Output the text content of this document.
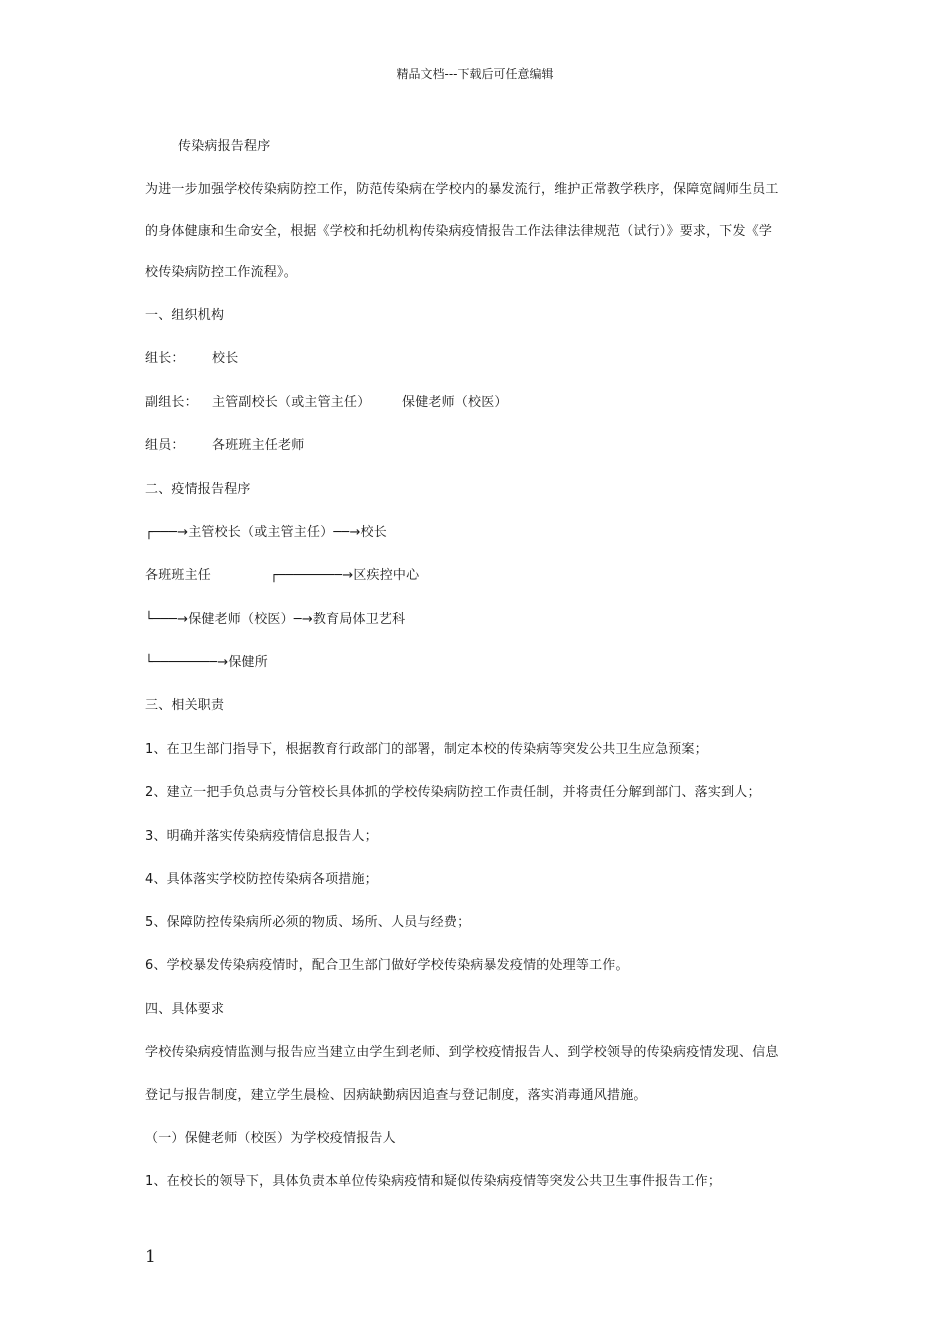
精品文档---下载后可任意编辑
传染病报告程序
为进一步加强学校传染病防控工作，防范传染病在学校内的暴发流行，维护正常教学秩序，保障宽阔师生员工
的身体健康和生命安全，根据《学校和托幼机构传染病疫情报告工作法律法律规范（试行）》要求，下发《学
校传染病防控工作流程》。
一、组织机构
组长： 校长
副组长： 主管副校长（或主管主任） 保健老师（校医）
组员： 各班班主任老师
二、疫情报告程序
┌───→主管校长（或主管主任）──→校长
各班班主任	┌────────→区疾控中心
└───→保健老师（校医）─→教育局体卫艺科
└────────→保健所
三、相关职责
1、在卫生部门指导下，根据教育行政部门的部署，制定本校的传染病等突发公共卫生应急预案；
2、建立一把手负总责与分管校长具体抓的学校传染病防控工作责任制，并将责任分解到部门、落实到人；
3、明确并落实传染病疫情信息报告人；
4、具体落实学校防控传染病各项措施；
5、保障防控传染病所必须的物质、场所、人员与经费；
6、学校暴发传染病疫情时，配合卫生部门做好学校传染病暴发疫情的处理等工作。
四、具体要求
学校传染病疫情监测与报告应当建立由学生到老师、到学校疫情报告人、到学校领导的传染病疫情发现、信息
登记与报告制度，建立学生晨检、因病缺勤病因追查与登记制度，落实消毒通风措施。
（一）保健老师（校医）为学校疫情报告人
1、在校长的领导下，具体负责本单位传染病疫情和疑似传染病疫情等突发公共卫生事件报告工作；
1
